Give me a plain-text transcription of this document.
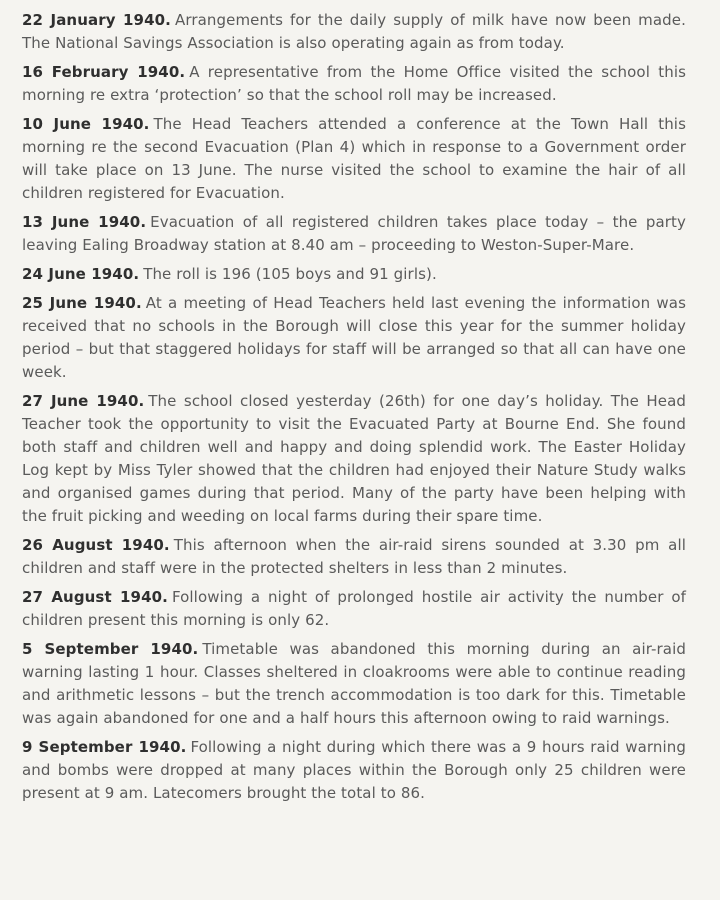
22 January 1940. Arrangements for the daily supply of milk have now been made. The National Savings Association is also operating again as from today.

16 February 1940. A representative from the Home Office visited the school this morning re extra ‘protection’ so that the school roll may be increased.

10 June 1940. The Head Teachers attended a conference at the Town Hall this morning re the second Evacuation (Plan 4) which in response to a Government order will take place on 13 June. The nurse visited the school to examine the hair of all children registered for Evacuation.

13 June 1940. Evacuation of all registered children takes place today – the party leaving Ealing Broadway station at 8.40 am – proceeding to Weston-Super-Mare.

24 June 1940. The roll is 196 (105 boys and 91 girls).

25 June 1940. At a meeting of Head Teachers held last evening the information was received that no schools in the Borough will close this year for the summer holiday period – but that staggered holidays for staff will be arranged so that all can have one week.

27 June 1940. The school closed yesterday (26th) for one day’s holiday. The Head Teacher took the opportunity to visit the Evacuated Party at Bourne End. She found both staff and children well and happy and doing splendid work. The Easter Holiday Log kept by Miss Tyler showed that the children had enjoyed their Nature Study walks and organised games during that period. Many of the party have been helping with the fruit picking and weeding on local farms during their spare time.

26 August 1940. This afternoon when the air-raid sirens sounded at 3.30 pm all children and staff were in the protected shelters in less than 2 minutes.

27 August 1940. Following a night of prolonged hostile air activity the number of children present this morning is only 62.

5 September 1940. Timetable was abandoned this morning during an air-raid warning lasting 1 hour. Classes sheltered in cloakrooms were able to continue reading and arithmetic lessons – but the trench accommodation is too dark for this. Timetable was again abandoned for one and a half hours this afternoon owing to raid warnings.

9 September 1940. Following a night during which there was a 9 hours raid warning and bombs were dropped at many places within the Borough only 25 children were present at 9 am. Latecomers brought the total to 86.
